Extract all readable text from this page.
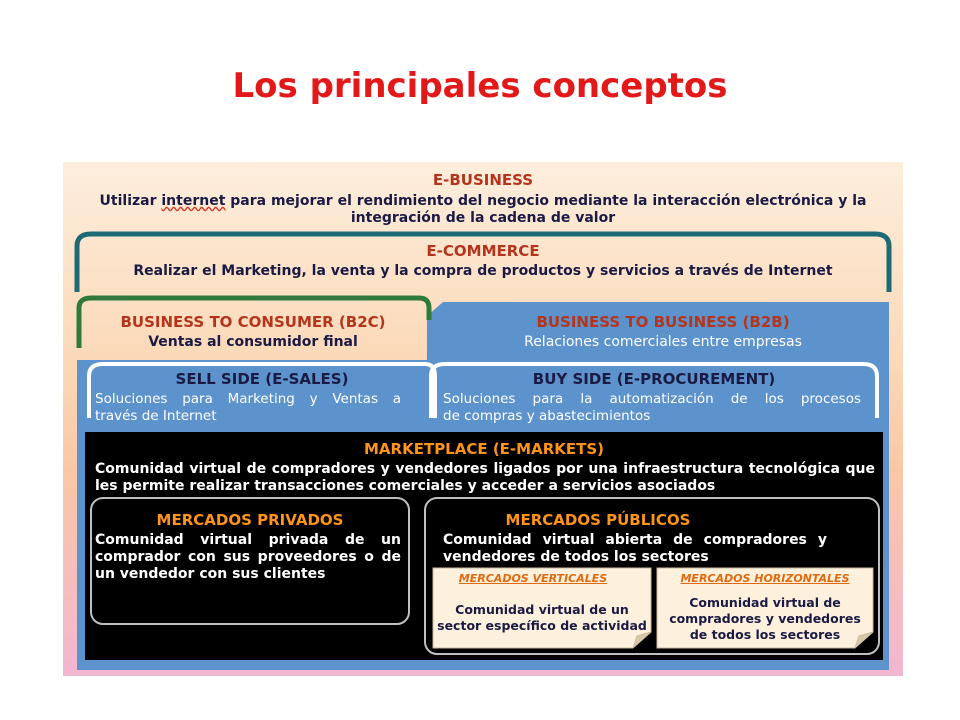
Los principales conceptos
E-BUSINESS
Utilizar internet para mejorar el rendimiento del negocio mediante la interacción electrónica y la
integración de la cadena de valor
E-COMMERCE
Realizar el Marketing, la venta y la compra de productos y servicios a través de Internet
BUSINESS TO CONSUMER (B2C)
Ventas al consumidor final
BUSINESS TO BUSINESS (B2B)
Relaciones comerciales entre empresas
SELL SIDE (E-SALES)
Soluciones para Marketing y Ventas a
través de Internet
BUY SIDE (E-PROCUREMENT)
Soluciones para la automatización de los procesos
de compras y abastecimientos
MARKETPLACE (E-MARKETS)
Comunidad virtual de compradores y vendedores ligados por una infraestructura tecnológica que
les permite realizar transacciones comerciales y acceder a servicios asociados
MERCADOS PRIVADOS
Comunidad virtual privada de un
comprador con sus proveedores o de
un vendedor con sus clientes
MERCADOS PÚBLICOS
Comunidad virtual abierta de compradores y
vendedores de todos los sectores
MERCADOS VERTICALES
Comunidad virtual de un
sector específico de actividad
MERCADOS HORIZONTALES
Comunidad virtual de
compradores y vendedores
de todos los sectores
